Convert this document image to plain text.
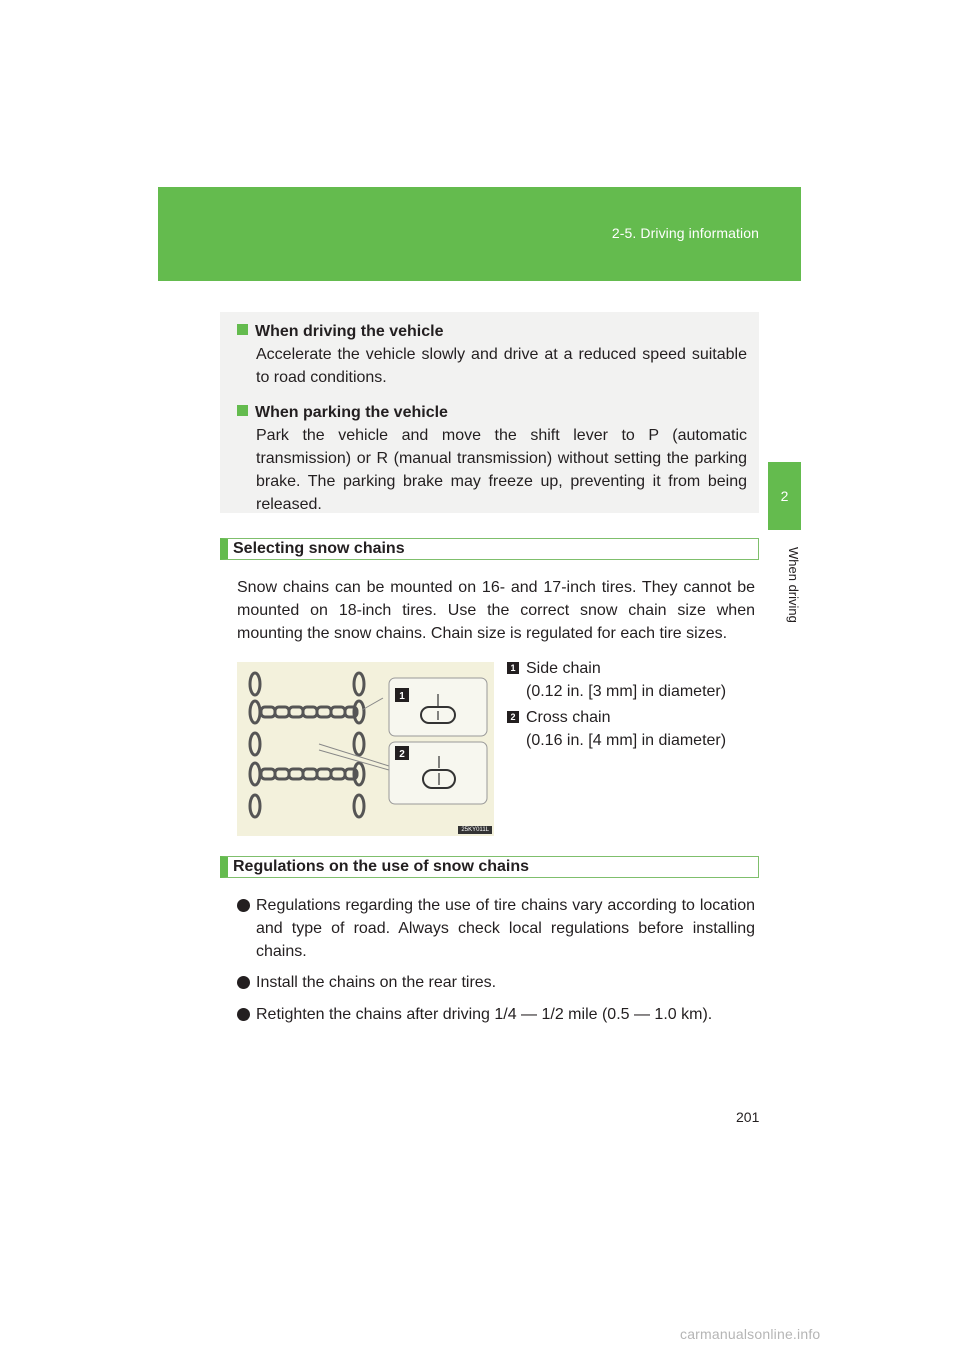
2-5. Driving information
2
When driving
When driving the vehicle
Accelerate the vehicle slowly and drive at a reduced speed suitable to road conditions.
When parking the vehicle
Park the vehicle and move the shift lever to P (automatic transmission) or R (manual transmission) without setting the parking brake. The parking brake may freeze up, preventing it from being released.
Selecting snow chains
Snow chains can be mounted on 16- and 17-inch tires. They cannot be mounted on 18-inch tires. Use the correct snow chain size when mounting the snow chains. Chain size is regulated for each tire sizes.
1
2
25KY011L
1 Side chain
(0.12 in. [3 mm] in diameter)
2 Cross chain
(0.16 in. [4 mm] in diameter)
Regulations on the use of snow chains
Regulations regarding the use of tire chains vary according to location and type of road. Always check local regulations before installing chains.
Install the chains on the rear tires.
Retighten the chains after driving 1/4 — 1/2 mile (0.5 — 1.0 km).
201
carmanualsonline.info
